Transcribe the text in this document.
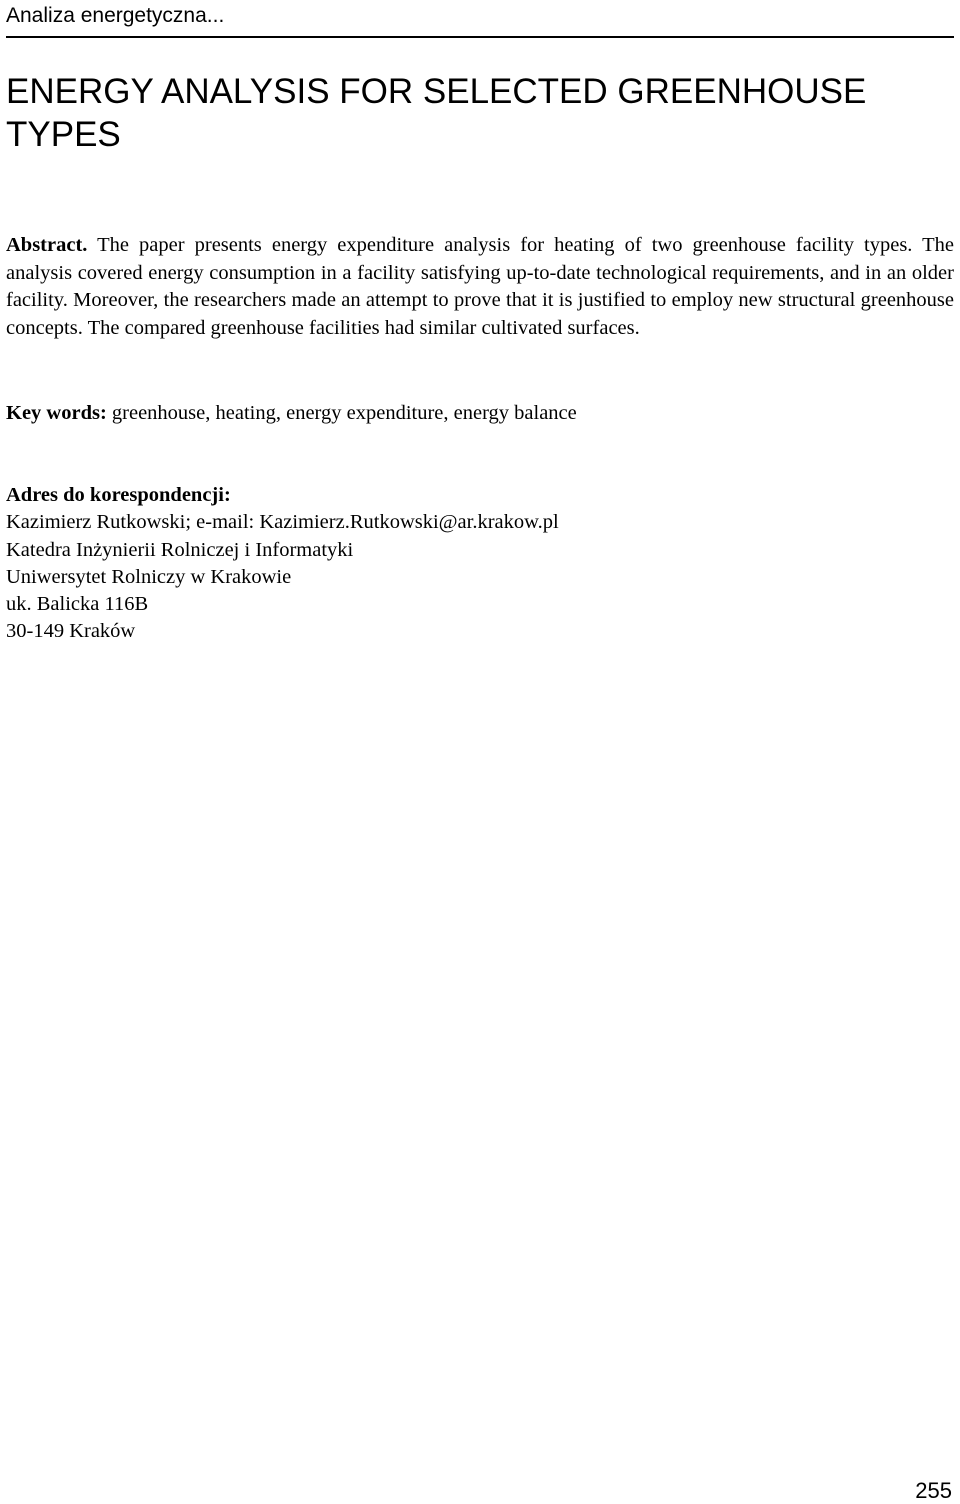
Analiza energetyczna...
ENERGY ANALYSIS FOR SELECTED GREENHOUSE TYPES

Abstract. The paper presents energy expenditure analysis for heating of two greenhouse facility types. The analysis covered energy consumption in a facility satisfying up-to-date technological requirements, and in an older facility. Moreover, the researchers made an attempt to prove that it is justified to employ new structural greenhouse concepts. The compared greenhouse facilities had similar cultivated surfaces.

Key words: greenhouse, heating, energy expenditure, energy balance

Adres do korespondencji:
Kazimierz Rutkowski; e-mail: Kazimierz.Rutkowski@ar.krakow.pl
Katedra Inżynierii Rolniczej i Informatyki
Uniwersytet Rolniczy w Krakowie
uk. Balicka 116B
30-149 Kraków
255
